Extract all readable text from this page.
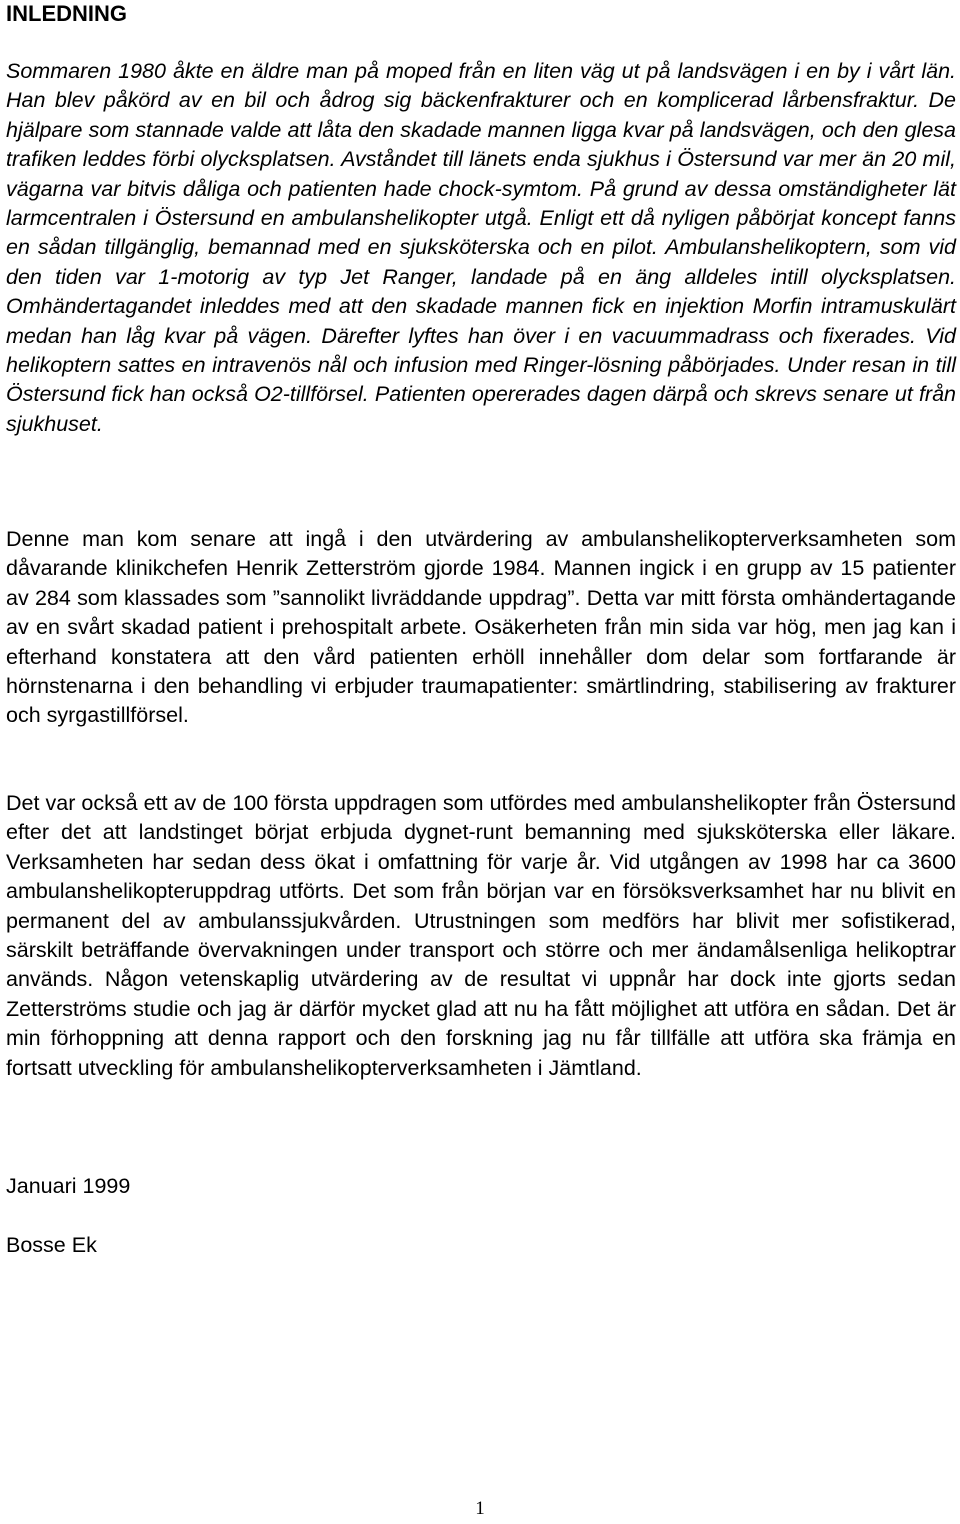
INLEDNING

Sommaren 1980 åkte en äldre man på moped från en liten väg ut på landsvägen i en by i vårt län. Han blev påkörd av en bil och ådrog sig bäckenfrakturer och en komplicerad lårbensfraktur. De hjälpare som stannade valde att låta den skadade mannen ligga kvar på landsvägen, och den glesa trafiken leddes förbi olycksplatsen. Avståndet till länets enda sjukhus i Östersund var mer än 20 mil, vägarna var bitvis dåliga och patienten hade chock-symtom. På grund av dessa omständigheter lät larmcentralen i Östersund en ambulanshelikopter utgå. Enligt ett då nyligen påbörjat koncept fanns en sådan tillgänglig, bemannad med en sjuksköterska och en pilot. Ambulanshelikoptern, som vid den tiden var 1-motorig av typ Jet Ranger, landade på en äng alldeles intill olycksplatsen. Omhändertagandet inleddes med att den skadade mannen fick en injektion Morfin intramuskulärt medan han låg kvar på vägen. Därefter lyftes han över i en vacuummadrass och fixerades. Vid helikoptern sattes en intravenös nål och infusion med Ringer-lösning påbörjades. Under resan in till Östersund fick han också O2-tillförsel. Patienten opererades dagen därpå och skrevs senare ut från sjukhuset.

Denne man kom senare att ingå i den utvärdering av ambulanshelikopterverksamheten som dåvarande klinikchefen Henrik Zetterström gjorde 1984. Mannen ingick i en grupp av 15 patienter av 284 som klassades som ”sannolikt livräddande uppdrag”. Detta var mitt första omhändertagande av en svårt skadad patient i prehospitalt arbete. Osäkerheten från min sida var hög, men jag kan i efterhand konstatera att den vård patienten erhöll innehåller dom delar som fortfarande är hörnstenarna i den behandling vi erbjuder traumapatienter: smärtlindring, stabilisering av frakturer och syrgastillförsel.

Det var också ett av de 100 första uppdragen som utfördes med ambulanshelikopter från Östersund efter det att landstinget börjat erbjuda dygnet-runt bemanning med sjuksköterska eller läkare. Verksamheten har sedan dess ökat i omfattning för varje år. Vid utgången av 1998 har ca 3600 ambulanshelikopteruppdrag utförts. Det som från början var en försöksverksamhet har nu blivit en permanent del av ambulanssjukvården. Utrustningen som medförs har blivit mer sofistikerad, särskilt beträffande övervakningen under transport och större och mer ändamålsenliga helikoptrar används. Någon vetenskaplig utvärdering av de resultat vi uppnår har dock inte gjorts sedan Zetterströms studie och jag är därför mycket glad att nu ha fått möjlighet att utföra en sådan. Det är min förhoppning att denna rapport och den forskning jag nu får tillfälle att utföra ska främja en fortsatt utveckling för ambulanshelikopterverksamheten i Jämtland.

Januari 1999
Bosse Ek
1
